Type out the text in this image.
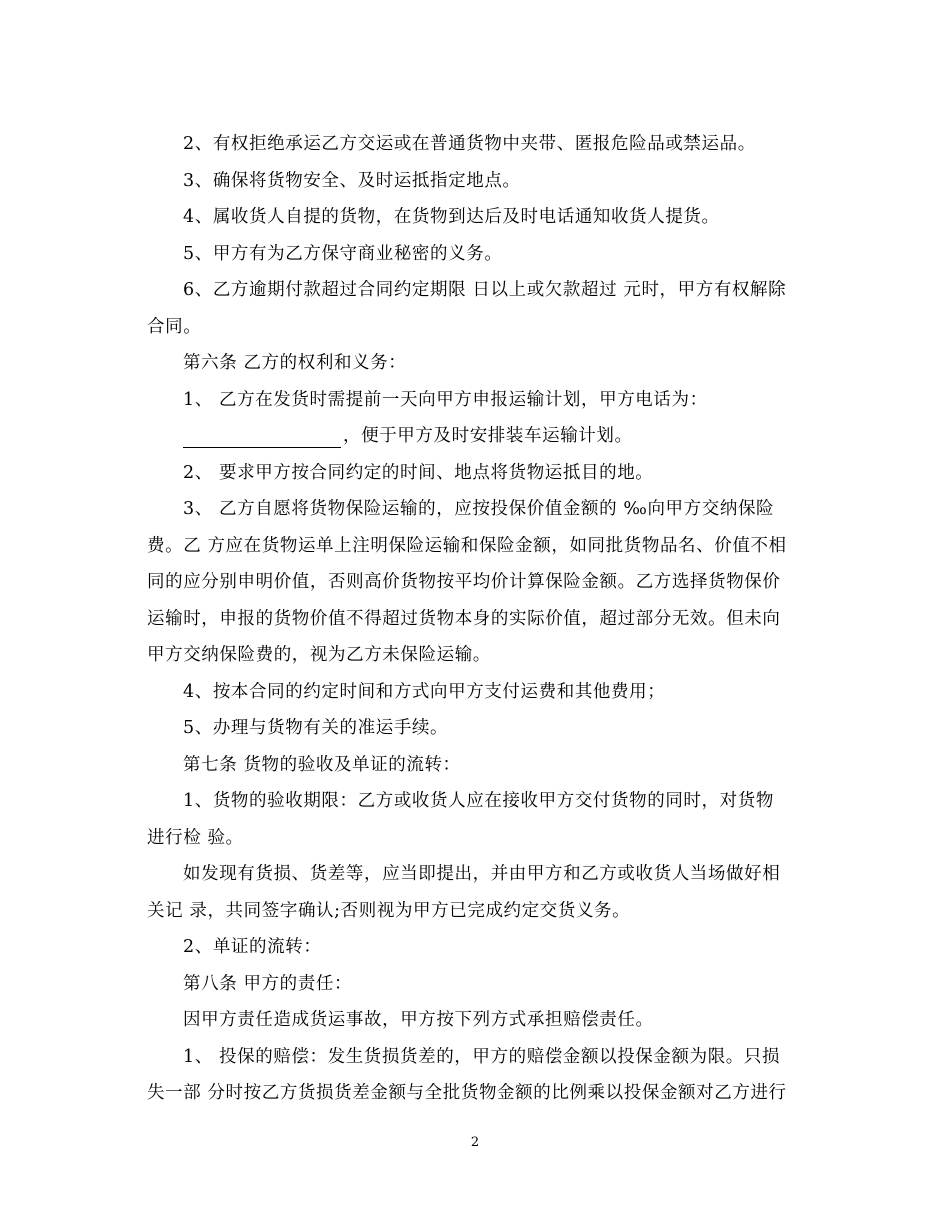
2、有权拒绝承运乙方交运或在普通货物中夹带、匿报危险品或禁运品。

3、确保将货物安全、及时运抵指定地点。

4、属收货人自提的货物，在货物到达后及时电话通知收货人提货。

5、甲方有为乙方保守商业秘密的义务。

6、乙方逾期付款超过合同约定期限 日以上或欠款超过 元时，甲方有权解除

合同。

第六条 乙方的权利和义务：

1、 乙方在发货时需提前一天向甲方申报运输计划，甲方电话为：

，便于甲方及时安排装车运输计划。

2、 要求甲方按合同约定的时间、地点将货物运抵目的地。

3、 乙方自愿将货物保险运输的，应按投保价值金额的 ‰向甲方交纳保险

费。乙 方应在货物运单上注明保险运输和保险金额，如同批货物品名、价值不相

同的应分别申明价值，否则高价货物按平均价计算保险金额。乙方选择货物保价

运输时，申报的货物价值不得超过货物本身的实际价值，超过部分无效。但未向

甲方交纳保险费的，视为乙方未保险运输。

4、按本合同的约定时间和方式向甲方支付运费和其他费用；

5、办理与货物有关的准运手续。

第七条 货物的验收及单证的流转：

1、货物的验收期限：乙方或收货人应在接收甲方交付货物的同时，对货物

进行检 验。

如发现有货损、货差等，应当即提出，并由甲方和乙方或收货人当场做好相

关记 录，共同签字确认;否则视为甲方已完成约定交货义务。

2、单证的流转：

第八条 甲方的责任：

因甲方责任造成货运事故，甲方按下列方式承担赔偿责任。

1、 投保的赔偿：发生货损货差的，甲方的赔偿金额以投保金额为限。只损

失一部 分时按乙方货损货差金额与全批货物金额的比例乘以投保金额对乙方进行

2
